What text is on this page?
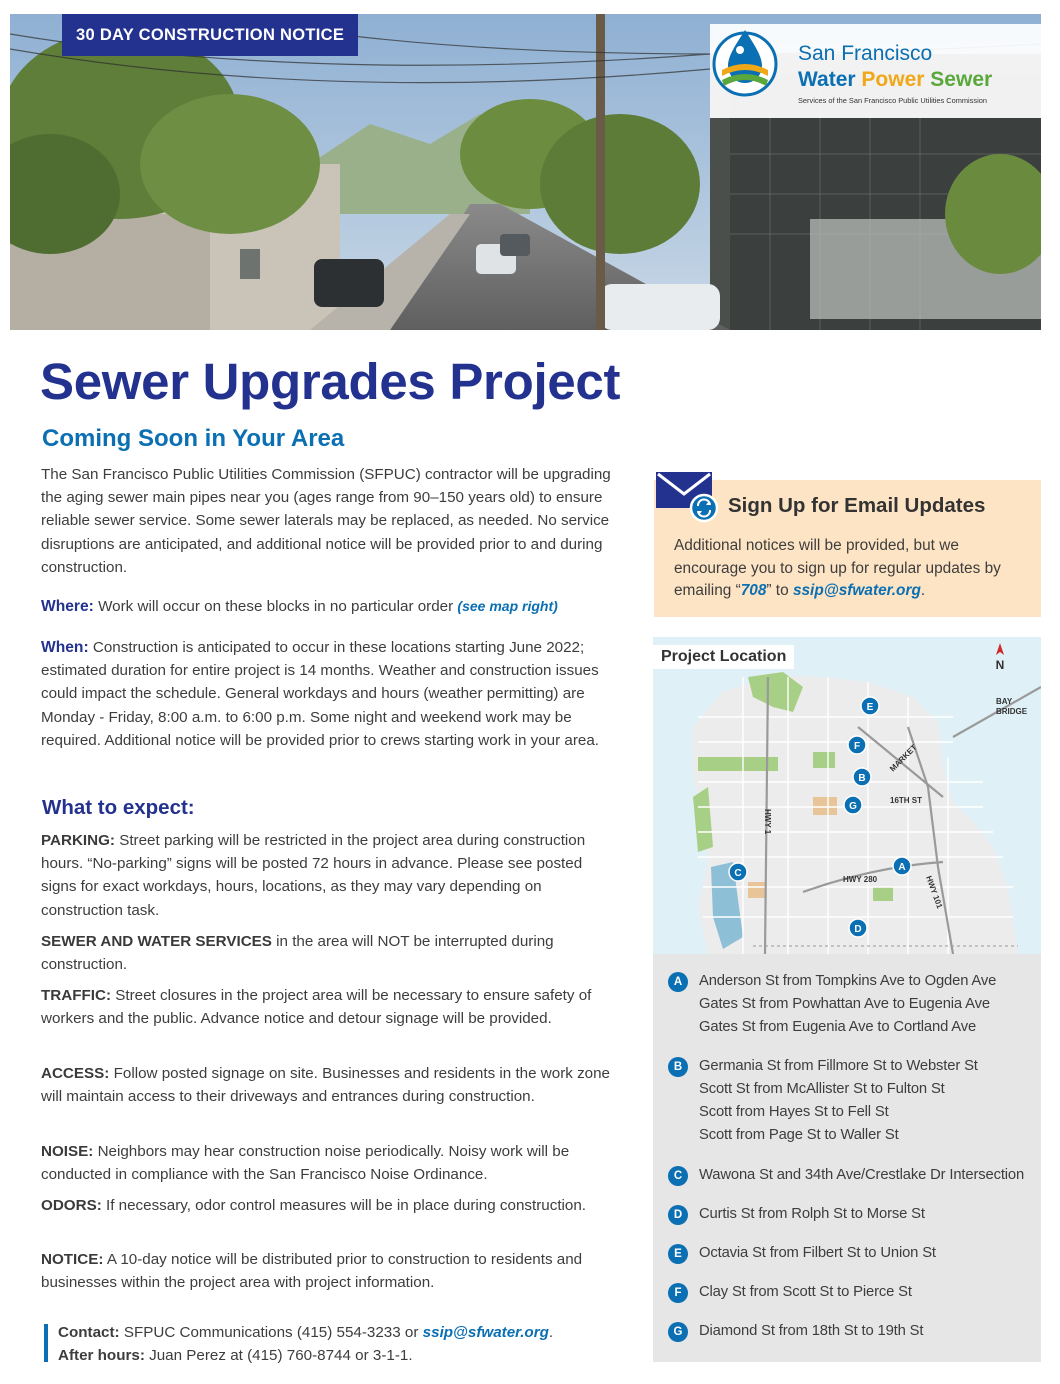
30 DAY CONSTRUCTION NOTICE
San Francisco
Water Power Sewer
Services of the San Francisco Public Utilities Commission
Sewer Upgrades Project
Coming Soon in Your Area

The San Francisco Public Utilities Commission (SFPUC) contractor will be upgrading the aging sewer main pipes near you (ages range from 90–150 years old) to ensure reliable sewer service. Some sewer laterals may be replaced, as needed. No service disruptions are anticipated, and additional notice will be provided prior to and during construction.

Where: Work will occur on these blocks in no particular order (see map right)

When: Construction is anticipated to occur in these locations starting June 2022; estimated duration for entire project is 14 months. Weather and construction issues could impact the schedule. General workdays and hours (weather permitting) are Monday - Friday, 8:00 a.m. to 6:00 p.m. Some night and weekend work may be required. Additional notice will be provided prior to crews starting work in your area.

What to expect:

PARKING: Street parking will be restricted in the project area during construction hours. “No-parking” signs will be posted 72 hours in advance. Please see posted signs for exact workdays, hours, locations, as they may vary depending on construction task.

SEWER AND WATER SERVICES in the area will NOT be interrupted during construction.

TRAFFIC: Street closures in the project area will be necessary to ensure safety of workers and the public. Advance notice and detour signage will be provided.

ACCESS: Follow posted signage on site. Businesses and residents in the work zone will maintain access to their driveways and entrances during construction.

NOISE: Neighbors may hear construction noise periodically. Noisy work will be conducted in compliance with the San Francisco Noise Ordinance.

ODORS: If necessary, odor control measures will be in place during construction.

NOTICE: A 10-day notice will be distributed prior to construction to residents and businesses within the project area with project information.

Contact: SFPUC Communications (415) 554-3233 or ssip@sfwater.org.
After hours: Juan Perez at (415) 760-8744 or 3-1-1.
Sign Up for Email Updates

Additional notices will be provided, but we encourage you to sign up for regular updates by emailing “708” to ssip@sfwater.org.

A
B
C
D
E
F
G
N
BAY
BRIDGE
16TH ST
HWY 280
MARKET
HWY 1
HWY 101
Project Location
A	Anderson St from Tompkins Ave to Ogden Ave
Gates St from Powhattan Ave to Eugenia Ave
Gates St from Eugenia Ave to Cortland Ave
B	Germania St from Fillmore St to Webster St
Scott St from McAllister St to Fulton St
Scott from Hayes St to Fell St
Scott from Page St to Waller St
C	Wawona St and 34th Ave/Crestlake Dr Intersection
D	Curtis St from Rolph St to Morse St
E	Octavia St from Filbert St to Union St
F	Clay St from Scott St to Pierce St
G	Diamond St from 18th St to 19th St
